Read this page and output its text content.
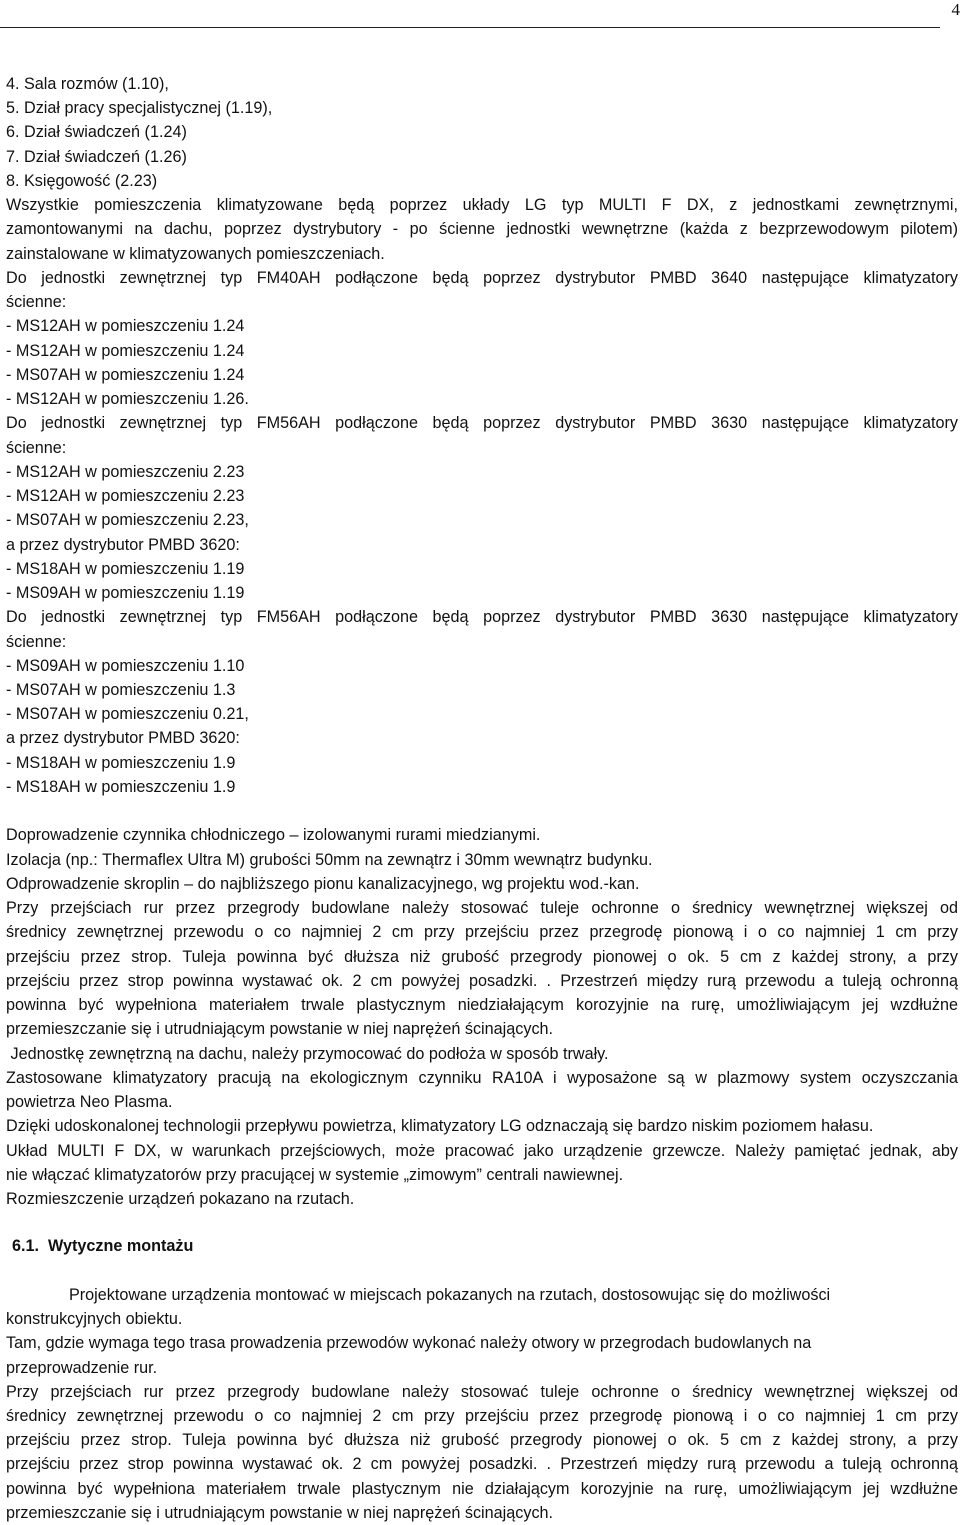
4

4. Sala rozmów (1.10),

5. Dział pracy specjalistycznej (1.19),

6. Dział świadczeń (1.24)

7. Dział świadczeń (1.26)

8. Księgowość (2.23)

Wszystkie pomieszczenia klimatyzowane będą poprzez układy LG typ MULTI F DX, z jednostkami zewnętrznymi,

zamontowanymi na dachu, poprzez dystrybutory - po ścienne jednostki wewnętrzne (każda z bezprzewodowym pilotem)

zainstalowane w klimatyzowanych pomieszczeniach.

Do jednostki zewnętrznej typ FM40AH podłączone będą poprzez dystrybutor PMBD 3640 następujące klimatyzatory

ścienne:

- MS12AH w pomieszczeniu 1.24

- MS12AH w pomieszczeniu 1.24

- MS07AH w pomieszczeniu 1.24

- MS12AH w pomieszczeniu 1.26.

Do jednostki zewnętrznej typ FM56AH podłączone będą poprzez dystrybutor PMBD 3630 następujące klimatyzatory

ścienne:

- MS12AH w pomieszczeniu 2.23

- MS12AH w pomieszczeniu 2.23

- MS07AH w pomieszczeniu 2.23,

a przez dystrybutor PMBD 3620:

- MS18AH w pomieszczeniu 1.19

- MS09AH w pomieszczeniu 1.19

Do jednostki zewnętrznej typ FM56AH podłączone będą poprzez dystrybutor PMBD 3630 następujące klimatyzatory

ścienne:

- MS09AH w pomieszczeniu 1.10

- MS07AH w pomieszczeniu 1.3

- MS07AH w pomieszczeniu 0.21,

a przez dystrybutor PMBD 3620:

- MS18AH w pomieszczeniu 1.9

- MS18AH w pomieszczeniu 1.9

Doprowadzenie czynnika chłodniczego – izolowanymi rurami miedzianymi.

Izolacja (np.: Thermaflex Ultra M) grubości 50mm na zewnątrz i 30mm wewnątrz budynku.

Odprowadzenie skroplin – do najbliższego pionu kanalizacyjnego, wg projektu wod.-kan.

Przy przejściach rur przez przegrody budowlane należy stosować tuleje ochronne o średnicy wewnętrznej większej od

średnicy zewnętrznej przewodu o co najmniej 2 cm przy przejściu przez przegrodę pionową i o co najmniej 1 cm przy

przejściu przez strop. Tuleja powinna być dłuższa niż grubość przegrody pionowej o ok. 5 cm z każdej strony, a przy

przejściu przez strop powinna wystawać ok. 2 cm powyżej posadzki. . Przestrzeń między rurą przewodu a tuleją ochronną

powinna być wypełniona materiałem trwale plastycznym niedziałającym korozyjnie na rurę, umożliwiającym jej wzdłużne

przemieszczanie się i utrudniającym powstanie w niej naprężeń ścinających.

Jednostkę zewnętrzną na dachu, należy przymocować do podłoża w sposób trwały.

Zastosowane klimatyzatory pracują na ekologicznym czynniku RA10A i wyposażone są w plazmowy system oczyszczania

powietrza Neo Plasma.

Dzięki udoskonalonej technologii przepływu powietrza, klimatyzatory LG odznaczają się bardzo niskim poziomem hałasu.

Układ MULTI F DX, w warunkach przejściowych, może pracować jako urządzenie grzewcze. Należy pamiętać jednak, aby

nie włączać klimatyzatorów przy pracującej w systemie „zimowym” centrali nawiewnej.

Rozmieszczenie urządzeń pokazano na rzutach.

6.1. Wytyczne montażu

Projektowane urządzenia montować w miejscach pokazanych na rzutach, dostosowując się do możliwości

konstrukcyjnych obiektu.

Tam, gdzie wymaga tego trasa prowadzenia przewodów wykonać należy otwory w przegrodach budowlanych na

przeprowadzenie rur.

Przy przejściach rur przez przegrody budowlane należy stosować tuleje ochronne o średnicy wewnętrznej większej od

średnicy zewnętrznej przewodu o co najmniej 2 cm przy przejściu przez przegrodę pionową i o co najmniej 1 cm przy

przejściu przez strop. Tuleja powinna być dłuższa niż grubość przegrody pionowej o ok. 5 cm z każdej strony, a przy

przejściu przez strop powinna wystawać ok. 2 cm powyżej posadzki. . Przestrzeń między rurą przewodu a tuleją ochronną

powinna być wypełniona materiałem trwale plastycznym nie działającym korozyjnie na rurę, umożliwiającym jej wzdłużne

przemieszczanie się i utrudniającym powstanie w niej naprężeń ścinających.
